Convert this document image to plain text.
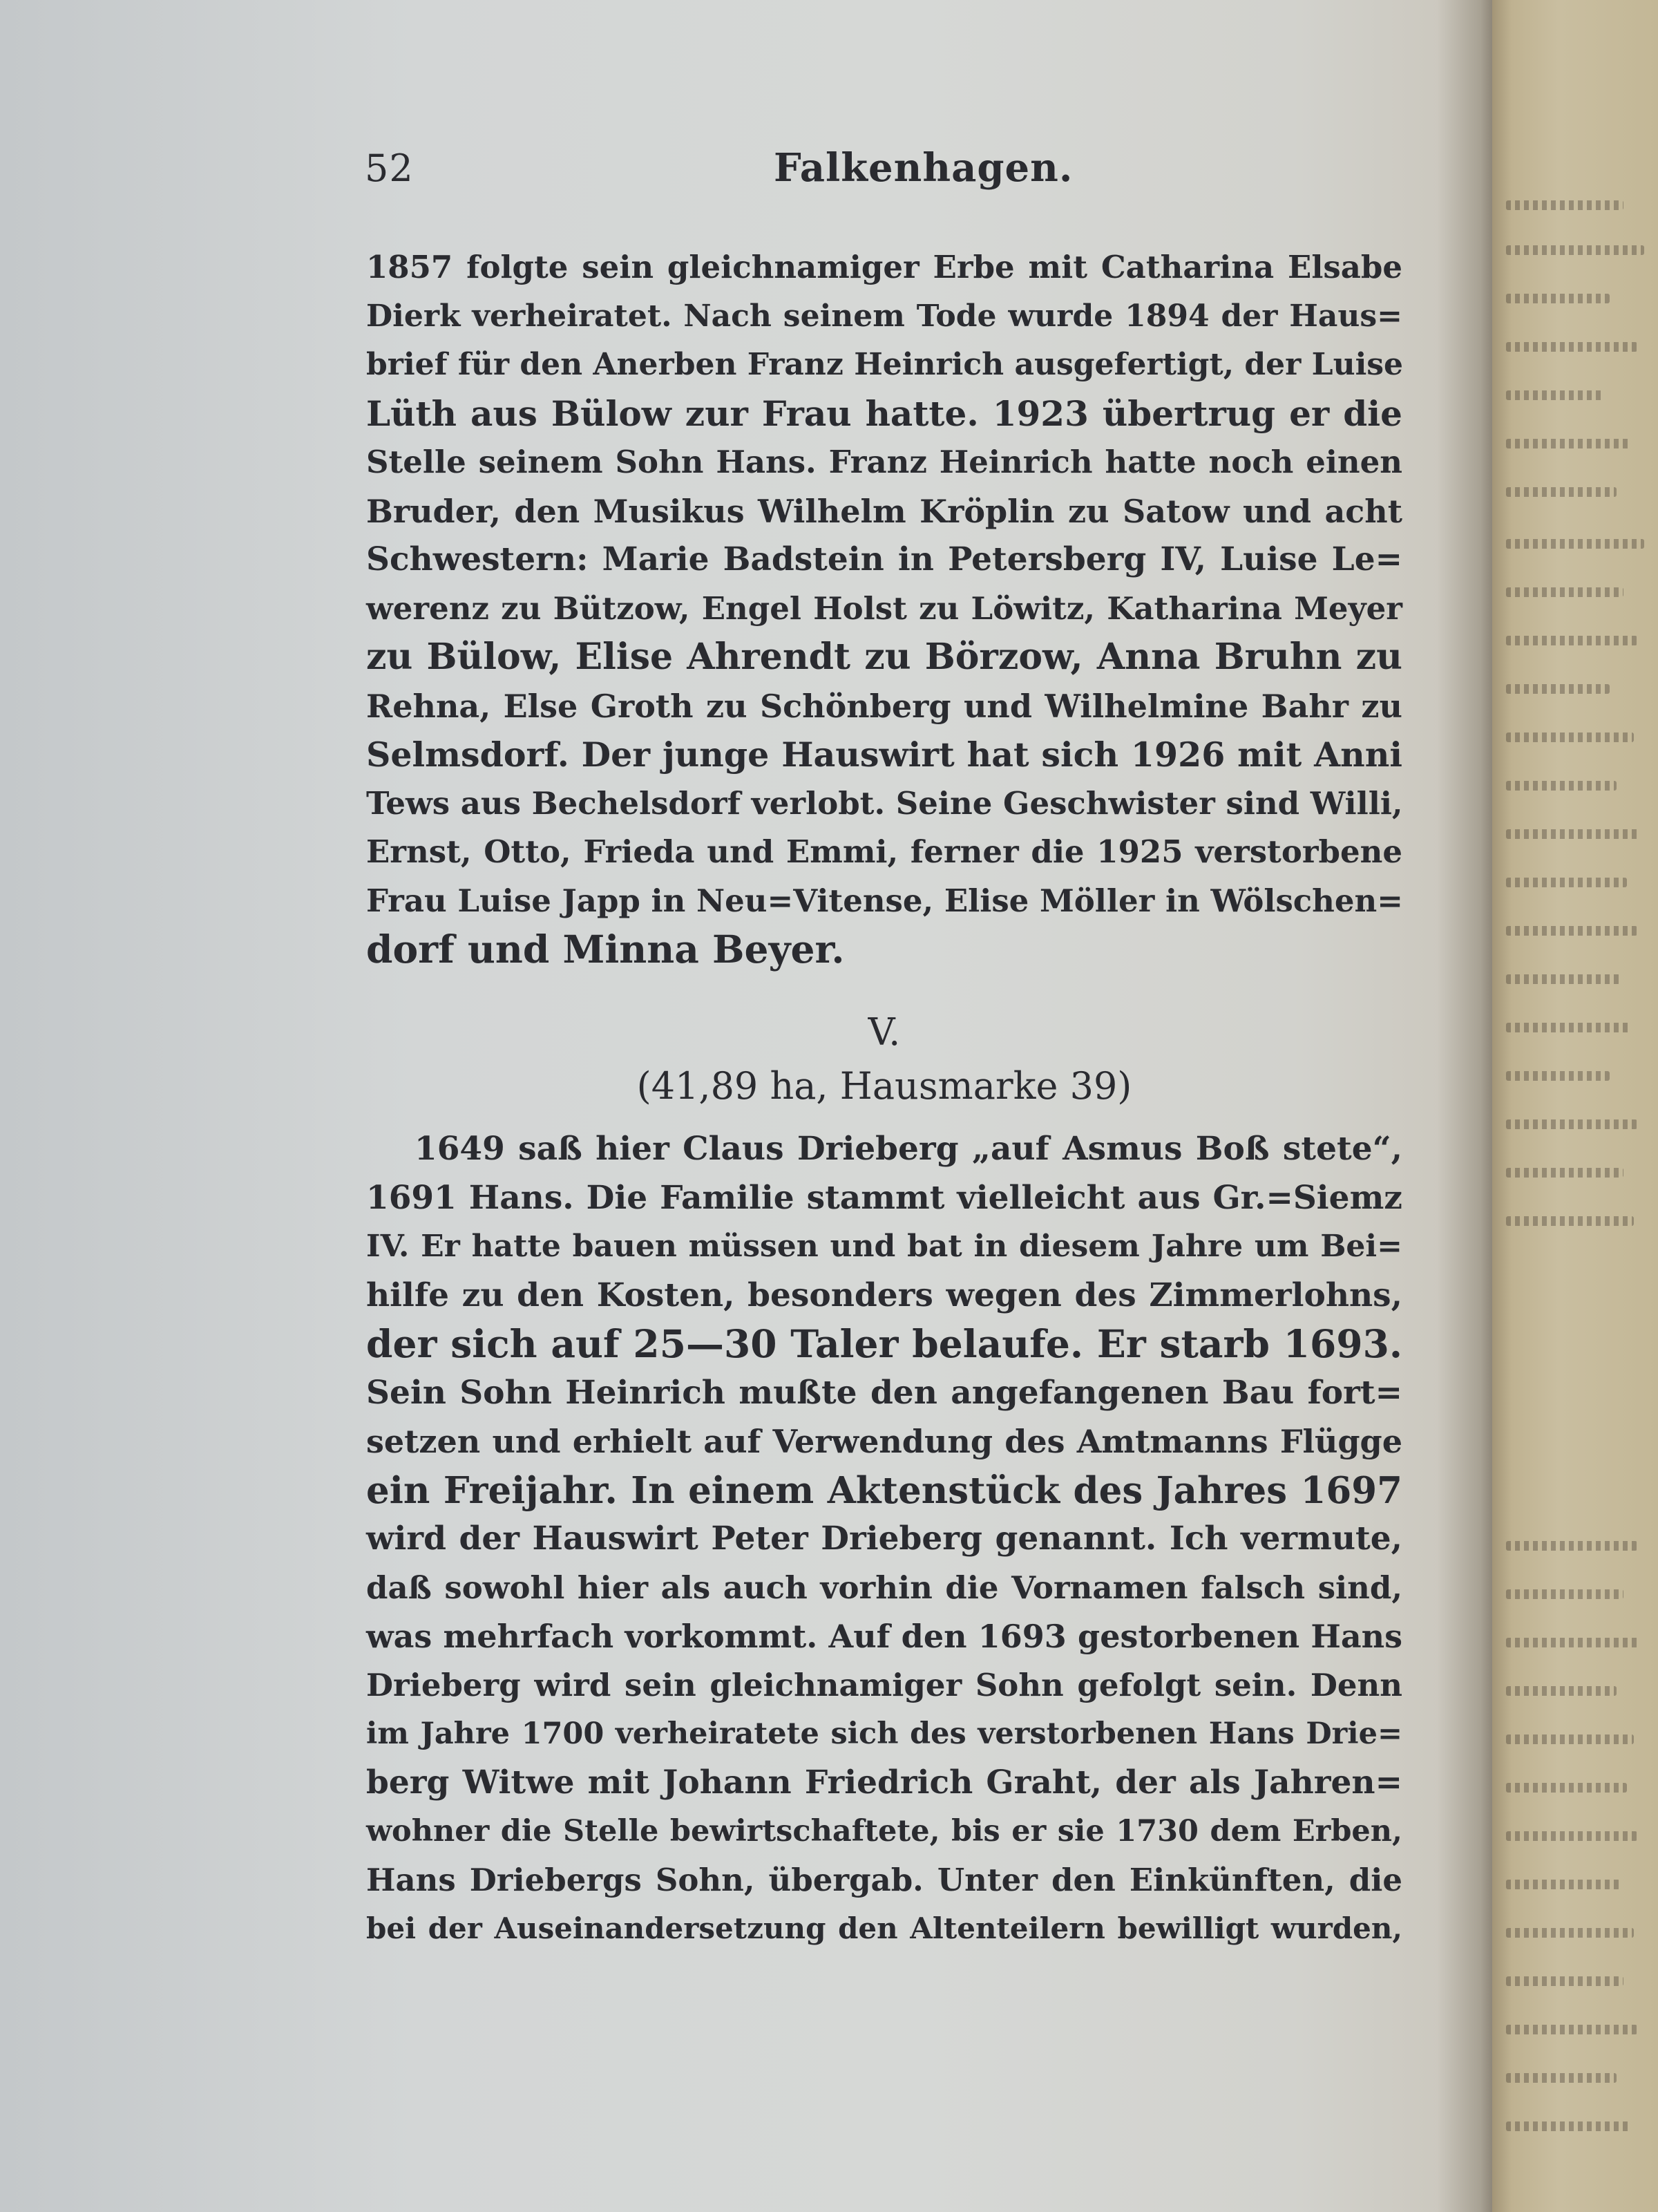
52	Falkenhagen.
1857 folgte sein gleichnamiger Erbe mit Catharina Elsabe
Dierk verheiratet. Nach seinem Tode wurde 1894 der Haus=
brief für den Anerben Franz Heinrich ausgefertigt, der Luise
Lüth aus Bülow zur Frau hatte. 1923 übertrug er die
Stelle seinem Sohn Hans. Franz Heinrich hatte noch einen
Bruder, den Musikus Wilhelm Kröplin zu Satow und acht
Schwestern: Marie Badstein in Petersberg IV, Luise Le=
werenz zu Bützow, Engel Holst zu Löwitz, Katharina Meyer
zu Bülow, Elise Ahrendt zu Börzow, Anna Bruhn zu
Rehna, Else Groth zu Schönberg und Wilhelmine Bahr zu
Selmsdorf. Der junge Hauswirt hat sich 1926 mit Anni
Tews aus Bechelsdorf verlobt. Seine Geschwister sind Willi,
Ernst, Otto, Frieda und Emmi, ferner die 1925 verstorbene
Frau Luise Japp in Neu=Vitense, Elise Möller in Wölschen=
dorf und Minna Beyer.
V.
(41,89 ha, Hausmarke 39)
1649 saß hier Claus Drieberg „auf Asmus Boß stete“,
1691 Hans. Die Familie stammt vielleicht aus Gr.=Siemz
IV. Er hatte bauen müssen und bat in diesem Jahre um Bei=
hilfe zu den Kosten, besonders wegen des Zimmerlohns,
der sich auf 25—30 Taler belaufe. Er starb 1693.
Sein Sohn Heinrich mußte den angefangenen Bau fort=
setzen und erhielt auf Verwendung des Amtmanns Flügge
ein Freijahr. In einem Aktenstück des Jahres 1697
wird der Hauswirt Peter Drieberg genannt. Ich vermute,
daß sowohl hier als auch vorhin die Vornamen falsch sind,
was mehrfach vorkommt. Auf den 1693 gestorbenen Hans
Drieberg wird sein gleichnamiger Sohn gefolgt sein. Denn
im Jahre 1700 verheiratete sich des verstorbenen Hans Drie=
berg Witwe mit Johann Friedrich Graht, der als Jahren=
wohner die Stelle bewirtschaftete, bis er sie 1730 dem Erben,
Hans Driebergs Sohn, übergab. Unter den Einkünften, die
bei der Auseinandersetzung den Altenteilern bewilligt wurden,
